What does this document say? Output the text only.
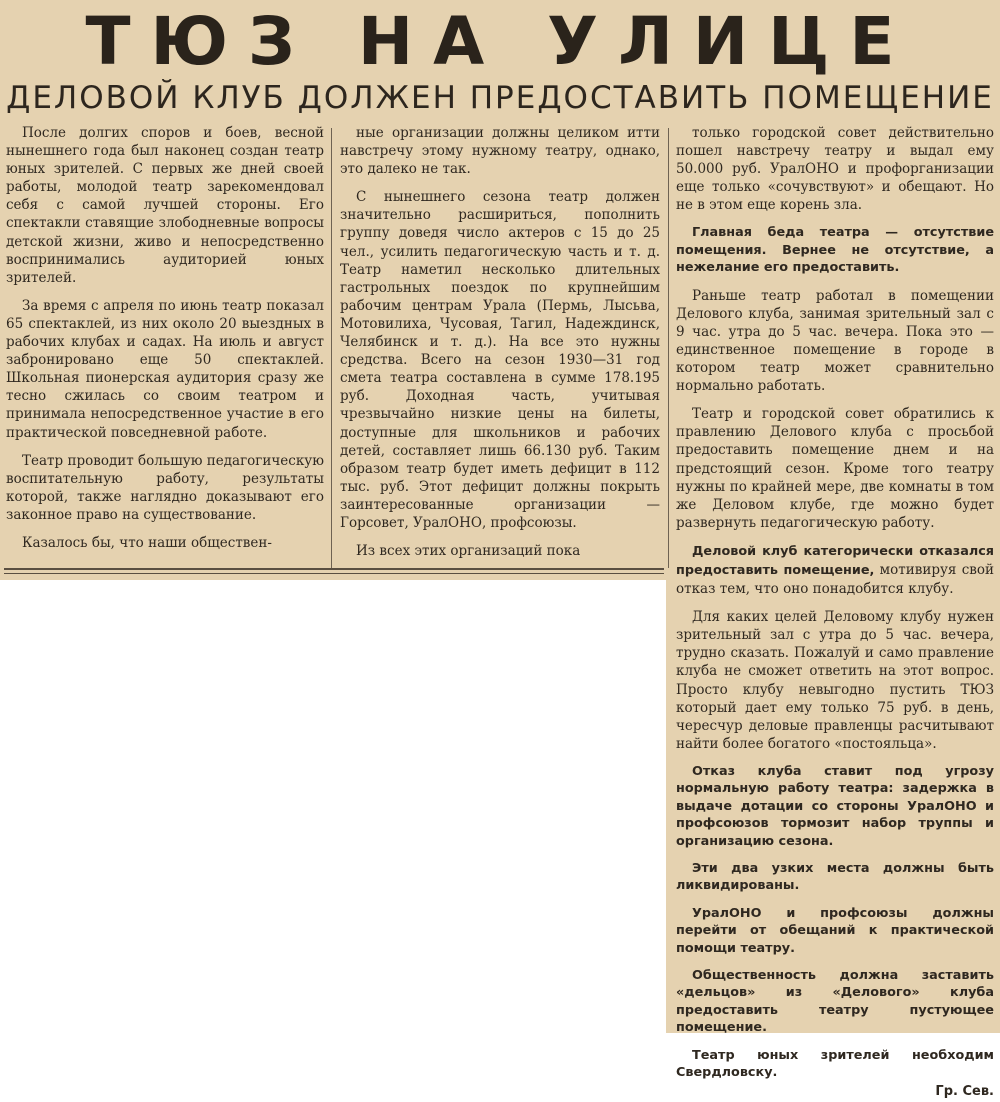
ТЮЗ НА УЛИЦЕ
ДЕЛОВОЙ КЛУБ ДОЛЖЕН ПРЕДОСТАВИТЬ ПОМЕЩЕНИЕ

После долгих споров и боев, весной нынешнего года был наконец создан театр юных зрителей. С первых же дней своей работы, молодой театр зарекомендовал себя с самой лучшей стороны. Его спектакли ставящие злободневные вопросы детской жизни, живо и непосредственно воспринимались аудиторией юных зрителей.

За время с апреля по июнь театр показал 65 спектаклей, из них около 20 выездных в рабочих клубах и садах. На июль и август забронировано еще 50 спектаклей. Школьная пионерская аудитория сразу же тесно сжилась со своим театром и принимала непосредственное участие в его практической повседневной работе.

Театр проводит большую педагогическую воспитательную работу, результаты которой, также наглядно доказывают его законное право на существование.

Казалось бы, что наши обществен-

ные организации должны целиком итти навстречу этому нужному театру, однако, это далеко не так.

С нынешнего сезона театр должен значительно расшириться, пополнить группу доведя число актеров с 15 до 25 чел., усилить педагогическую часть и т. д. Театр наметил несколько длительных гастрольных поездок по крупнейшим рабочим центрам Урала (Пермь, Лысьва, Мотовилиха, Чусовая, Тагил, Надеждинск, Челябинск и т. д.). На все это нужны средства. Всего на сезон 1930—31 год смета театра составлена в сумме 178.195 руб. Доходная часть, учитывая чрезвычайно низкие цены на билеты, доступные для школьников и рабочих детей, составляет лишь 66.130 руб. Таким образом театр будет иметь дефицит в 112 тыс. руб. Этот дефицит должны покрыть заинтересованные организации — Горсовет, УралОНО, профсоюзы.

Из всех этих организаций пока

только городской совет действительно пошел навстречу театру и выдал ему 50.000 руб. УралОНО и профорганизации еще только «сочувствуют» и обещают. Но не в этом еще корень зла.

Главная беда театра — отсутствие помещения. Вернее не отсутствие, а нежелание его предоставить.

Раньше театр работал в помещении Делового клуба, занимая зрительный зал с 9 час. утра до 5 час. вечера. Пока это — единственное помещение в городе в котором театр может сравнительно нормально работать.

Театр и городской совет обратились к правлению Делового клуба с просьбой предоставить помещение днем и на предстоящий сезон. Кроме того театру нужны по крайней мере, две комнаты в том же Деловом клубе, где можно будет развернуть педагогическую работу.

Деловой клуб категорически отказался предоставить помещение, мотивируя свой отказ тем, что оно понадобится клубу.

Для каких целей Деловому клубу нужен зрительный зал с утра до 5 час. вечера, трудно сказать. Пожалуй и само правление клуба не сможет ответить на этот вопрос. Просто клубу невыгодно пустить ТЮЗ который дает ему только 75 руб. в день, чересчур деловые правленцы расчитывают найти более богатого «постояльца».

Отказ клуба ставит под угрозу нормальную работу театра: задержка в выдаче дотации со стороны УралОНО и профсоюзов тормозит набор труппы и организацию сезона.

Эти два узких места должны быть ликвидированы.

УралОНО и профсоюзы должны перейти от обещаний к практической помощи театру.

Общественность должна заставить «дельцов» из «Делового» клуба предоставить театру пустующее помещение.

Театр юных зрителей необходим Свердловску.

Гр. Сев.
